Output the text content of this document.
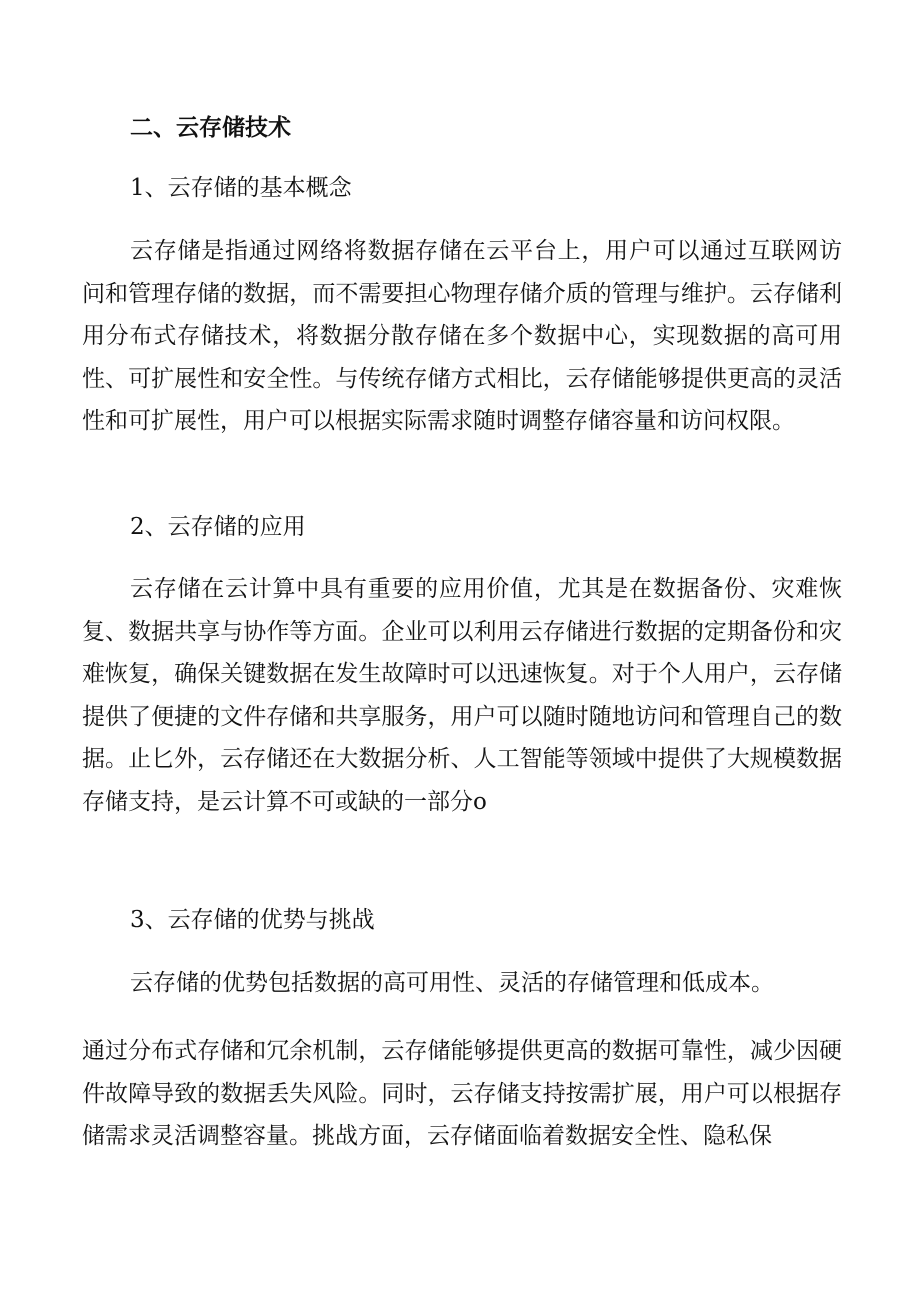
二、云存储技术
1、云存储的基本概念

云存储是指通过网络将数据存储在云平台上，用户可以通过互联网访问和管理存储的数据，而不需要担心物理存储介质的管理与维护。云存储利用分布式存储技术，将数据分散存储在多个数据中心，实现数据的高可用性、可扩展性和安全性。与传统存储方式相比，云存储能够提供更高的灵活性和可扩展性，用户可以根据实际需求随时调整存储容量和访问权限。

2、云存储的应用

云存储在云计算中具有重要的应用价值，尤其是在数据备份、灾难恢复、数据共享与协作等方面。企业可以利用云存储进行数据的定期备份和灾难恢复，确保关键数据在发生故障时可以迅速恢复。对于个人用户，云存储提供了便捷的文件存储和共享服务，用户可以随时随地访问和管理自己的数据。止匕外，云存储还在大数据分析、人工智能等领域中提供了大规模数据存储支持，是云计算不可或缺的一部分o

3、云存储的优势与挑战

云存储的优势包括数据的高可用性、灵活的存储管理和低成本。

通过分布式存储和冗余机制，云存储能够提供更高的数据可靠性，减少因硬件故障导致的数据丢失风险。同时，云存储支持按需扩展，用户可以根据存储需求灵活调整容量。挑战方面，云存储面临着数据安全性、隐私保
